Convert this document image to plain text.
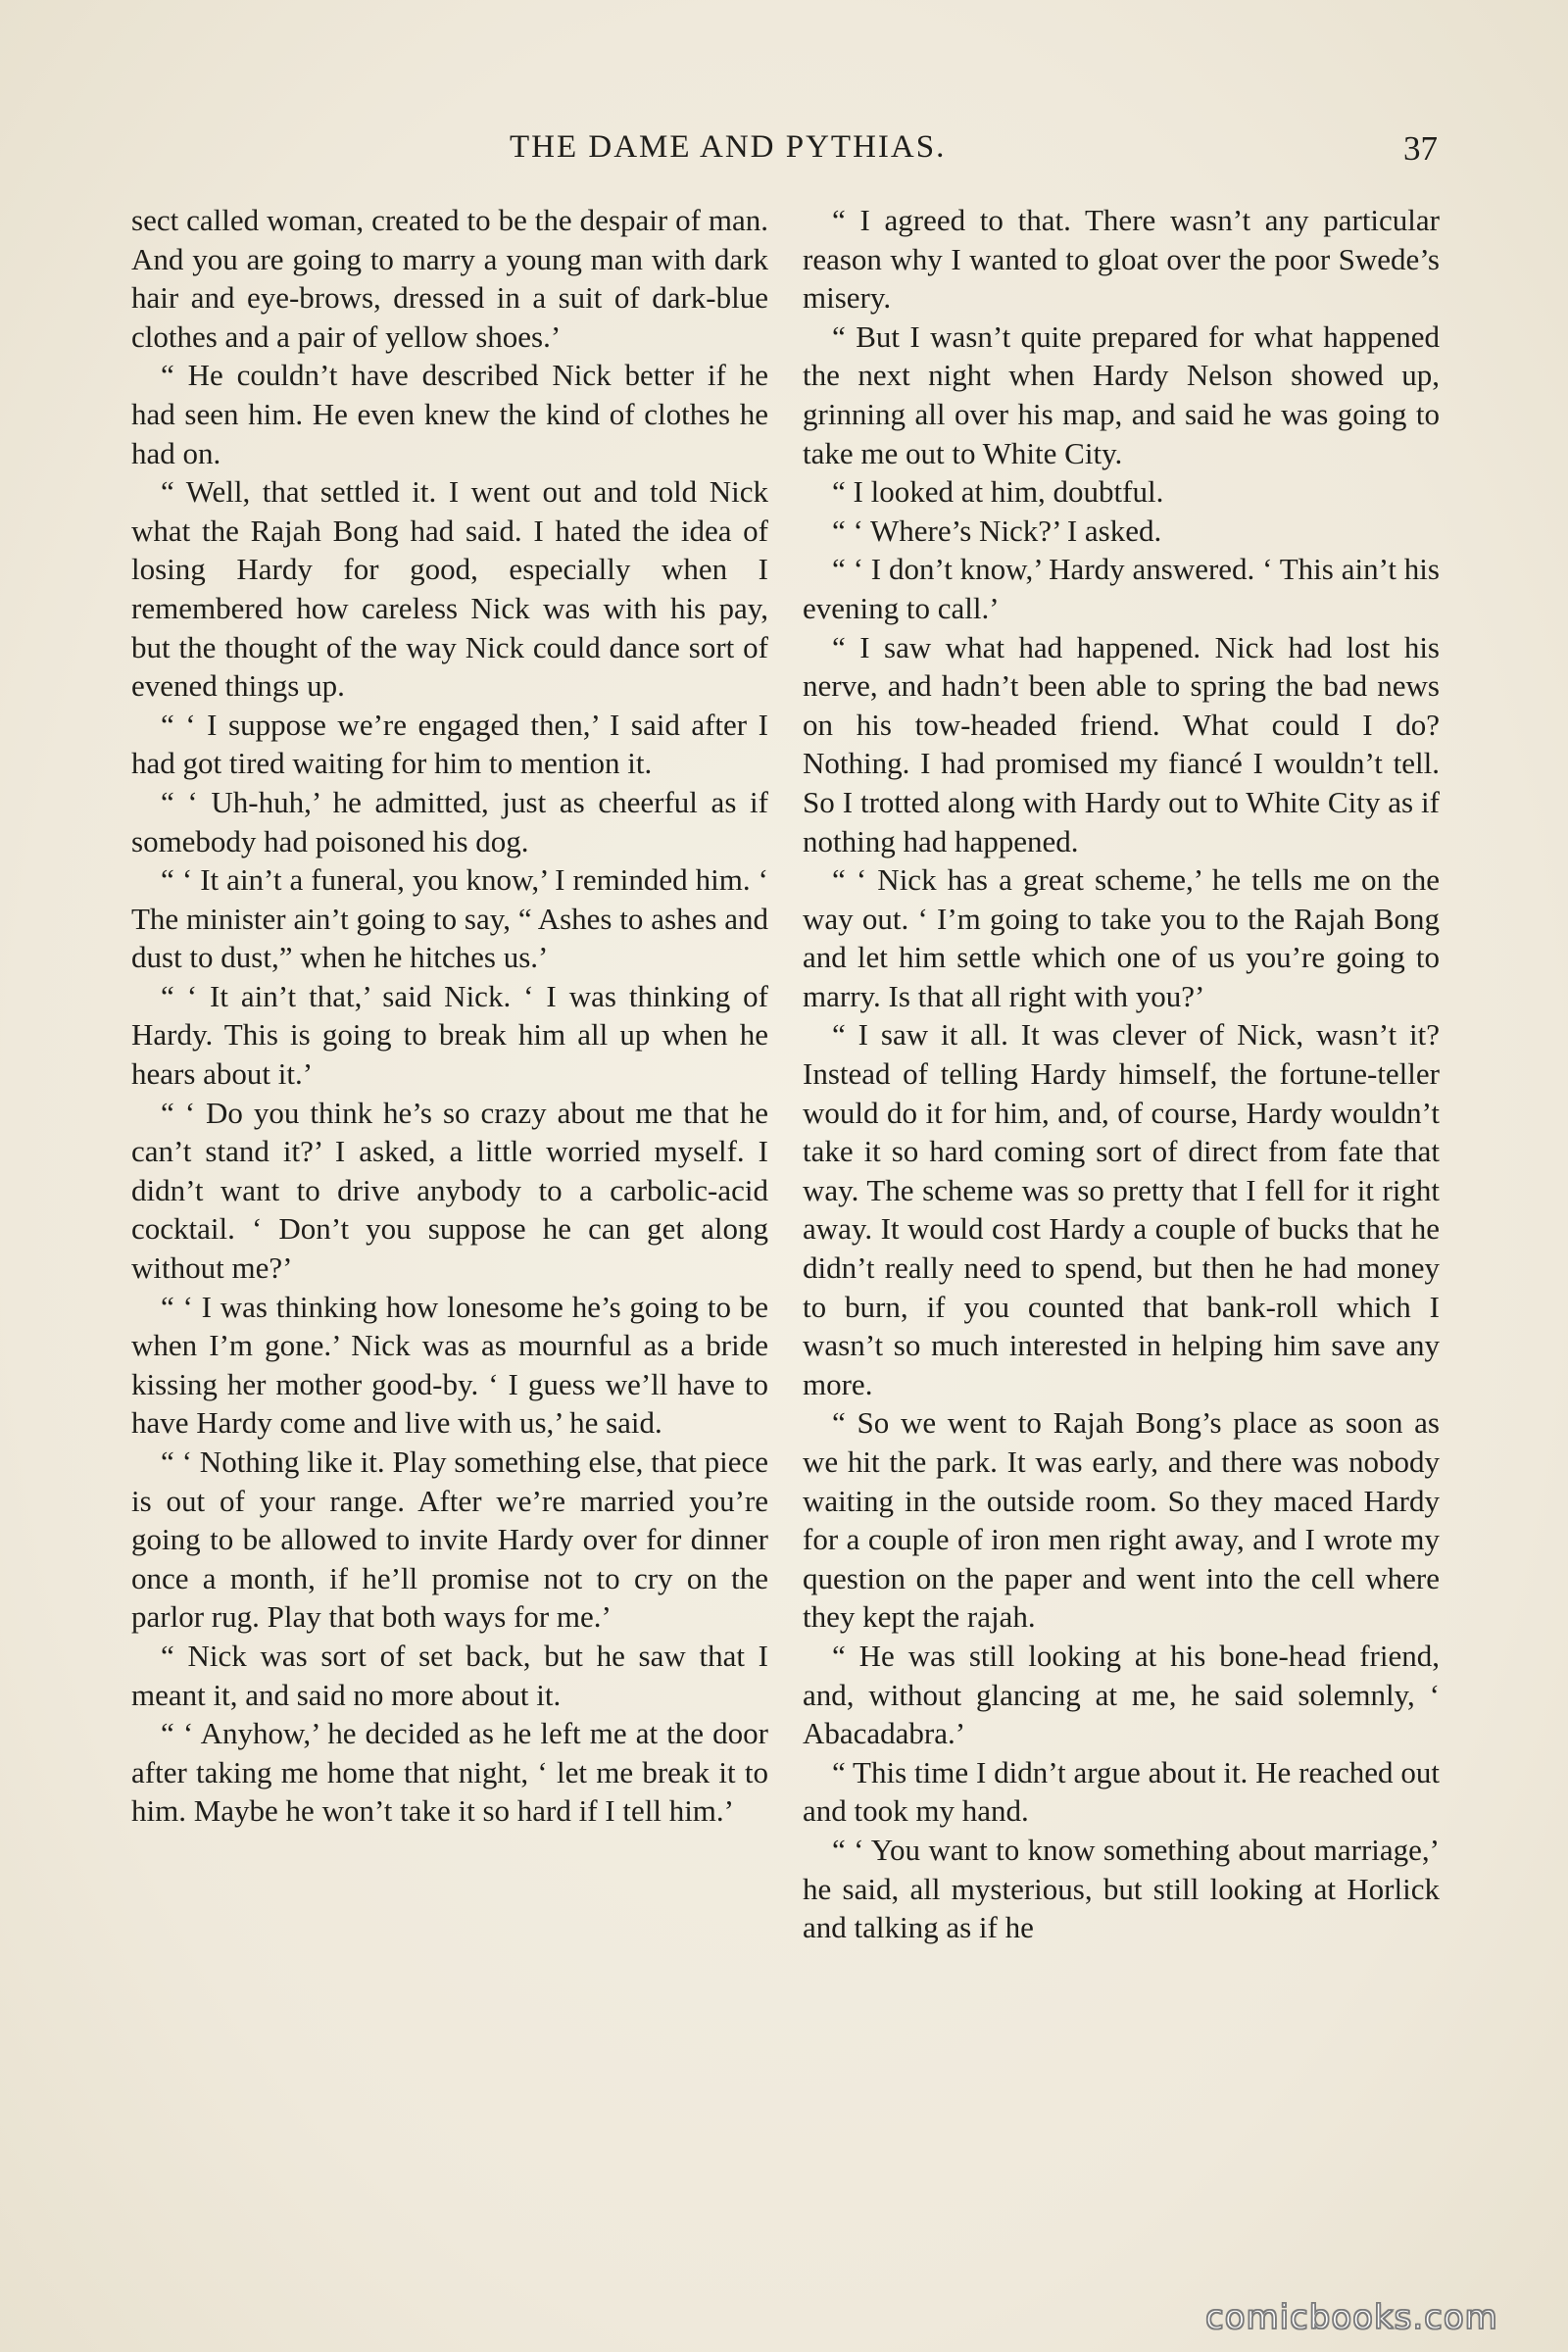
THE DAME AND PYTHIAS.	37

sect called woman, created to be the despair of man. And you are going to marry a young man with dark hair and eye-brows, dressed in a suit of dark-blue clothes and a pair of yellow shoes.’

“ He couldn’t have described Nick better if he had seen him. He even knew the kind of clothes he had on.

“ Well, that settled it. I went out and told Nick what the Rajah Bong had said. I hated the idea of losing Hardy for good, especially when I remembered how careless Nick was with his pay, but the thought of the way Nick could dance sort of evened things up.

“ ‘ I suppose we’re engaged then,’ I said after I had got tired waiting for him to mention it.

“ ‘ Uh-huh,’ he admitted, just as cheerful as if somebody had poisoned his dog.

“ ‘ It ain’t a funeral, you know,’ I reminded him. ‘ The minister ain’t going to say, “ Ashes to ashes and dust to dust,” when he hitches us.’

“ ‘ It ain’t that,’ said Nick. ‘ I was thinking of Hardy. This is going to break him all up when he hears about it.’

“ ‘ Do you think he’s so crazy about me that he can’t stand it?’ I asked, a little worried myself. I didn’t want to drive anybody to a carbolic-acid cocktail. ‘ Don’t you suppose he can get along without me?’

“ ‘ I was thinking how lonesome he’s going to be when I’m gone.’ Nick was as mournful as a bride kissing her mother good-by. ‘ I guess we’ll have to have Hardy come and live with us,’ he said.

“ ‘ Nothing like it. Play something else, that piece is out of your range. After we’re married you’re going to be allowed to invite Hardy over for dinner once a month, if he’ll promise not to cry on the parlor rug. Play that both ways for me.’

“ Nick was sort of set back, but he saw that I meant it, and said no more about it.

“ ‘ Anyhow,’ he decided as he left me at the door after taking me home that night, ‘ let me break it to him. Maybe he won’t take it so hard if I tell him.’

“ I agreed to that. There wasn’t any particular reason why I wanted to gloat over the poor Swede’s misery.

“ But I wasn’t quite prepared for what happened the next night when Hardy Nelson showed up, grinning all over his map, and said he was going to take me out to White City.

“ I looked at him, doubtful.

“ ‘ Where’s Nick?’ I asked.

“ ‘ I don’t know,’ Hardy answered. ‘ This ain’t his evening to call.’

“ I saw what had happened. Nick had lost his nerve, and hadn’t been able to spring the bad news on his tow-headed friend. What could I do? Nothing. I had promised my fiancé I wouldn’t tell. So I trotted along with Hardy out to White City as if nothing had happened.

“ ‘ Nick has a great scheme,’ he tells me on the way out. ‘ I’m going to take you to the Rajah Bong and let him settle which one of us you’re going to marry. Is that all right with you?’

“ I saw it all. It was clever of Nick, wasn’t it? Instead of telling Hardy himself, the fortune-teller would do it for him, and, of course, Hardy wouldn’t take it so hard coming sort of direct from fate that way. The scheme was so pretty that I fell for it right away. It would cost Hardy a couple of bucks that he didn’t really need to spend, but then he had money to burn, if you counted that bank-roll which I wasn’t so much interested in helping him save any more.

“ So we went to Rajah Bong’s place as soon as we hit the park. It was early, and there was nobody waiting in the outside room. So they maced Hardy for a couple of iron men right away, and I wrote my question on the paper and went into the cell where they kept the rajah.

“ He was still looking at his bone-head friend, and, without glancing at me, he said solemnly, ‘ Abacadabra.’

“ This time I didn’t argue about it. He reached out and took my hand.

“ ‘ You want to know something about marriage,’ he said, all mysterious, but still looking at Horlick and talking as if he

comicbooks.com
